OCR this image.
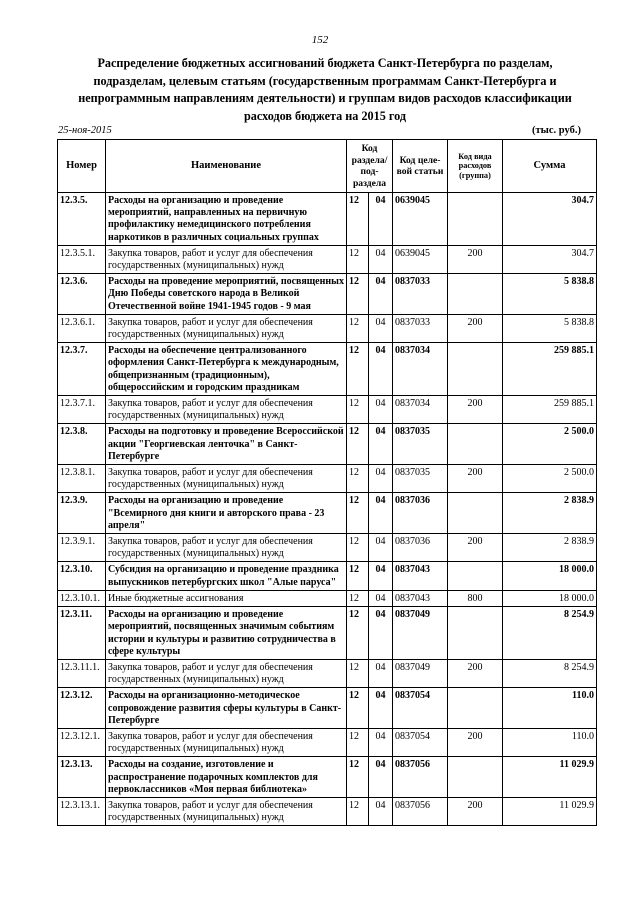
152
Распределение бюджетных ассигнований бюджета Санкт-Петербурга по разделам, подразделам, целевым статьям (государственным программам Санкт-Петербурга и непрограммным направлениям деятельности) и группам видов расходов классификации расходов бюджета на 2015 год
25-ноя-2015	(тыс. руб.)
Номер	Наименование	Код раздела/ под- раздела		Код целе- вой статьи	Код вида расходов (группа)	Сумма
12.3.5.	Расходы на организацию и проведение мероприятий, направленных на первичную профилактику немедицинского потребления наркотиков в различных социальных группах	12	04	0639045		304.7
12.3.5.1.	Закупка товаров, работ и услуг для обеспечения государственных (муниципальных) нужд	12	04	0639045	200	304.7
12.3.6.	Расходы на проведение мероприятий, посвященных Дню Победы советского народа в Великой Отечественной войне 1941-1945 годов - 9 мая	12	04	0837033		5 838.8
12.3.6.1.	Закупка товаров, работ и услуг для обеспечения государственных (муниципальных) нужд	12	04	0837033	200	5 838.8
12.3.7.	Расходы на обеспечение централизованного оформления Санкт-Петербурга к международным, общепризнанным (традиционным), общероссийским и городским праздникам	12	04	0837034		259 885.1
12.3.7.1.	Закупка товаров, работ и услуг для обеспечения государственных (муниципальных) нужд	12	04	0837034	200	259 885.1
12.3.8.	Расходы на подготовку и проведение Всероссийской акции "Георгиевская ленточка" в Санкт-Петербурге	12	04	0837035		2 500.0
12.3.8.1.	Закупка товаров, работ и услуг для обеспечения государственных (муниципальных) нужд	12	04	0837035	200	2 500.0
12.3.9.	Расходы на организацию и проведение "Всемирного дня книги и авторского права - 23 апреля"	12	04	0837036		2 838.9
12.3.9.1.	Закупка товаров, работ и услуг для обеспечения государственных (муниципальных) нужд	12	04	0837036	200	2 838.9
12.3.10.	Субсидия на организацию и проведение праздника выпускников петербургских школ "Алые паруса"	12	04	0837043		18 000.0
12.3.10.1.	Иные бюджетные ассигнования	12	04	0837043	800	18 000.0
12.3.11.	Расходы на организацию и проведение мероприятий, посвященных значимым событиям истории и культуры и развитию сотрудничества в сфере культуры	12	04	0837049		8 254.9
12.3.11.1.	Закупка товаров, работ и услуг для обеспечения государственных (муниципальных) нужд	12	04	0837049	200	8 254.9
12.3.12.	Расходы на организационно-методическое сопровождение развития сферы культуры в Санкт-Петербурге	12	04	0837054		110.0
12.3.12.1.	Закупка товаров, работ и услуг для обеспечения государственных (муниципальных) нужд	12	04	0837054	200	110.0
12.3.13.	Расходы на создание, изготовление и распространение подарочных комплектов для первоклассников «Моя первая библиотека»	12	04	0837056		11 029.9
12.3.13.1.	Закупка товаров, работ и услуг для обеспечения государственных (муниципальных) нужд	12	04	0837056	200	11 029.9
